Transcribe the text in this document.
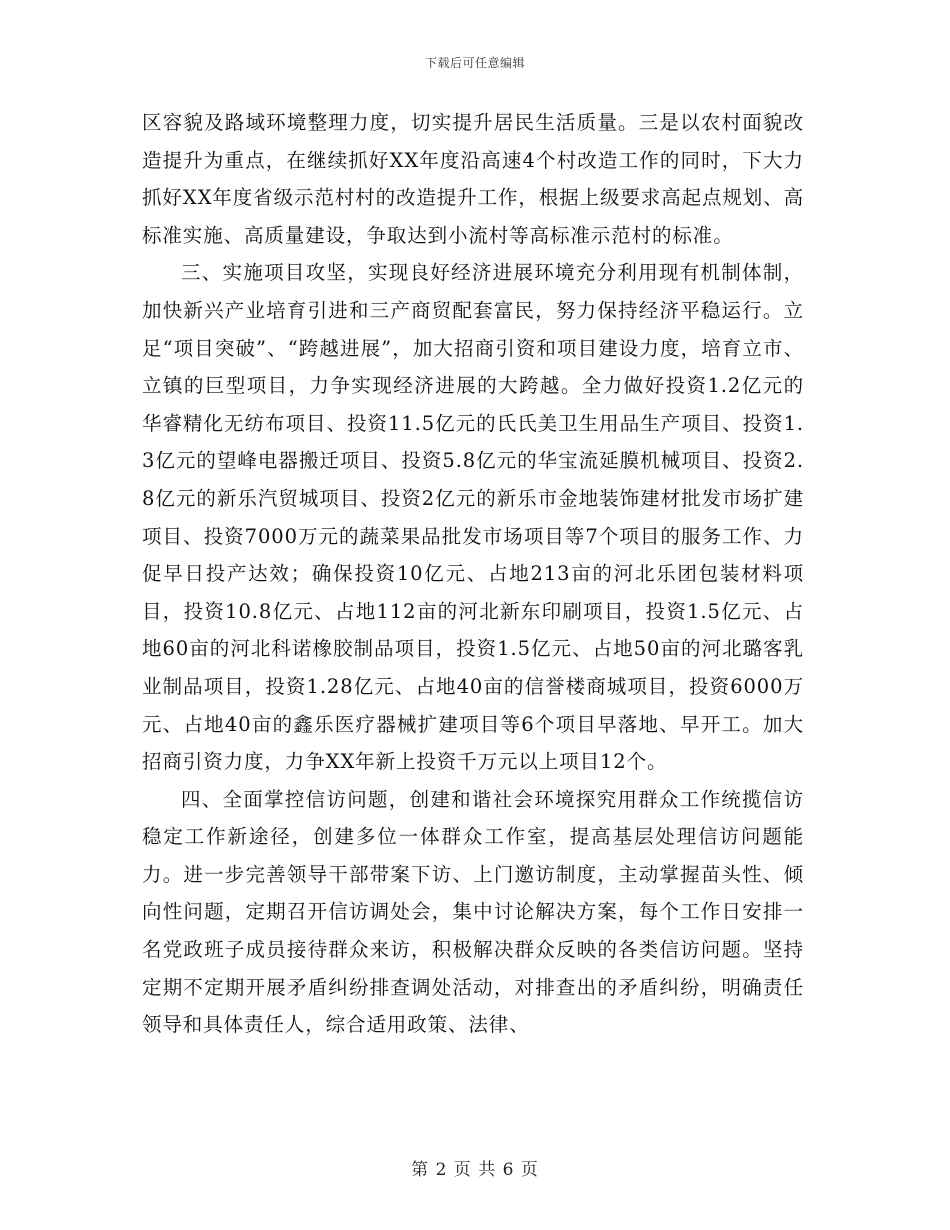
下载后可任意编辑

区容貌及路域环境整理力度，切实提升居民生活质量。三是以农村面貌改造提升为重点，在继续抓好XX年度沿高速4个村改造工作的同时，下大力抓好XX年度省级示范村村的改造提升工作，根据上级要求高起点规划、高标准实施、高质量建设，争取达到小流村等高标准示范村的标准。

三、实施项目攻坚，实现良好经济进展环境充分利用现有机制体制，加快新兴产业培育引进和三产商贸配套富民，努力保持经济平稳运行。立足“项目突破”、“跨越进展”，加大招商引资和项目建设力度，培育立市、立镇的巨型项目，力争实现经济进展的大跨越。全力做好投资1.2亿元的华睿精化无纺布项目、投资11.5亿元的氏氏美卫生用品生产项目、投资1.3亿元的望峰电器搬迁项目、投资5.8亿元的华宝流延膜机械项目、投资2.8亿元的新乐汽贸城项目、投资2亿元的新乐市金地装饰建材批发市场扩建项目、投资7000万元的蔬菜果品批发市场项目等7个项目的服务工作、力促早日投产达效；确保投资10亿元、占地213亩的河北乐团包装材料项目，投资10.8亿元、占地112亩的河北新东印刷项目，投资1.5亿元、占地60亩的河北科诺橡胶制品项目，投资1.5亿元、占地50亩的河北璐客乳业制品项目，投资1.28亿元、占地40亩的信誉楼商城项目，投资6000万元、占地40亩的鑫乐医疗器械扩建项目等6个项目早落地、早开工。加大招商引资力度，力争XX年新上投资千万元以上项目12个。

四、全面掌控信访问题，创建和谐社会环境探究用群众工作统揽信访稳定工作新途径，创建多位一体群众工作室，提高基层处理信访问题能力。进一步完善领导干部带案下访、上门邀访制度，主动掌握苗头性、倾向性问题，定期召开信访调处会，集中讨论解决方案，每个工作日安排一名党政班子成员接待群众来访，积极解决群众反映的各类信访问题。坚持定期不定期开展矛盾纠纷排查调处活动，对排查出的矛盾纠纷，明确责任领导和具体责任人，综合适用政策、法律、

第 2 页 共 6 页
